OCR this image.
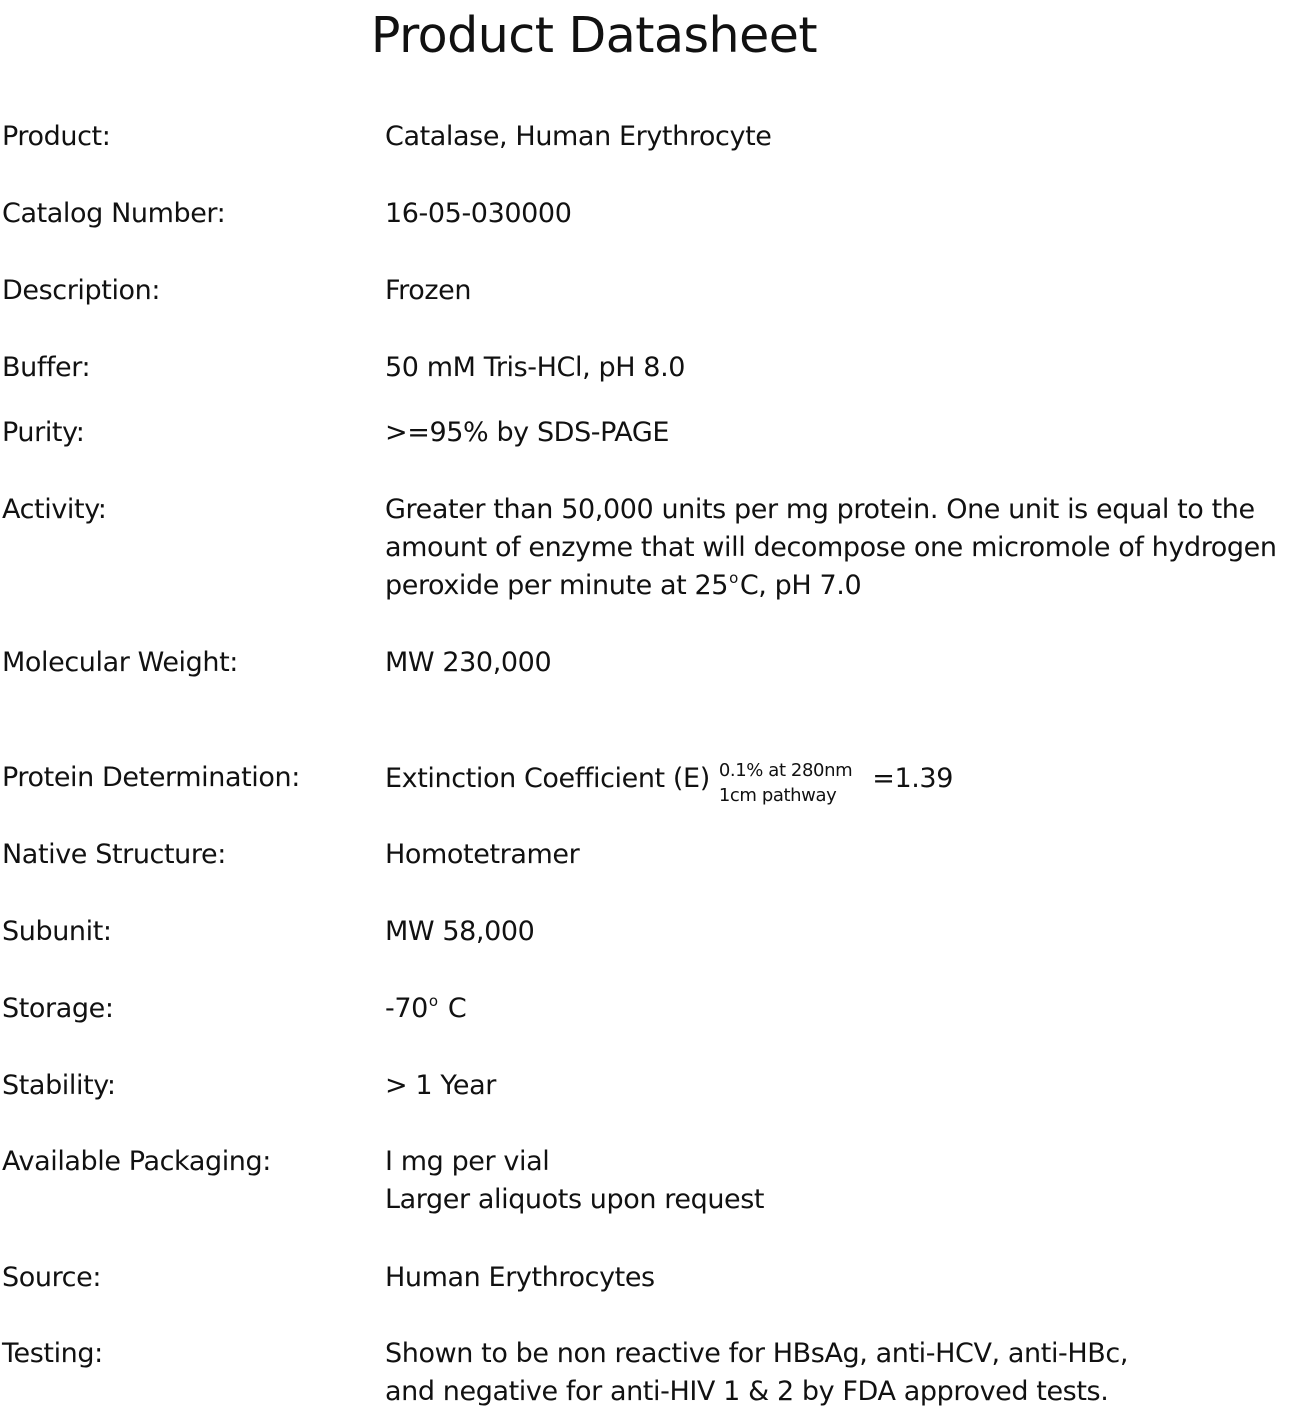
Product Datasheet
Product:	Catalase, Human Erythrocyte
Catalog Number:	16-05-030000
Description:	Frozen
Buffer:	50 mM Tris-HCl, pH 8.0
Purity:	>=95% by SDS-PAGE
Activity:	Greater than 50,000 units per mg protein. One unit is equal to the
amount of enzyme that will decompose one micromole of hydrogen
peroxide per minute at 25$^o$C, pH 7.0
Molecular Weight:	MW 230,000
Protein Determination:	Extinction Coefficient (E) 0.1% at 280nm
1cm pathway
=1.39
Native Structure:	Homotetramer
Subunit:	MW 58,000
Storage:	-70$^o$ C
Stability:	> 1 Year
Available Packaging:	I mg per vial
Larger aliquots upon request
Source:	Human Erythrocytes
Testing:	Shown to be non reactive for HBsAg, anti-HCV, anti-HBc,
and negative for anti-HIV 1 & 2 by FDA approved tests.
